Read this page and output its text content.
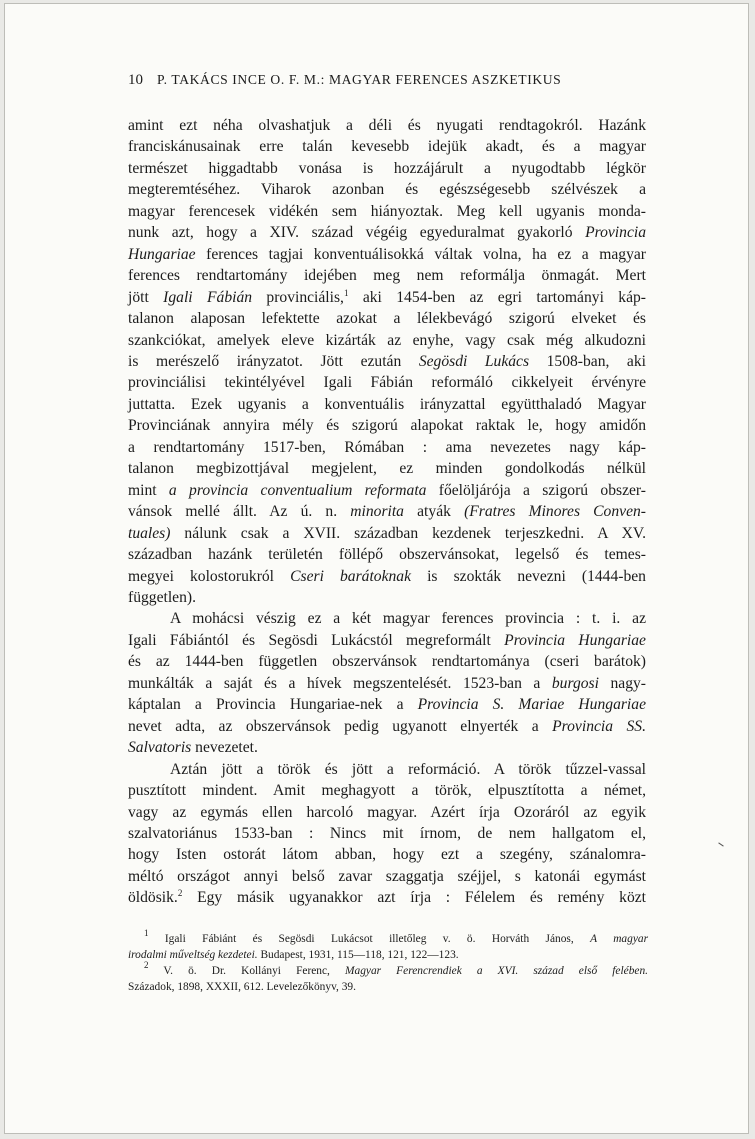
10 P. TAKÁCS INCE O. F. M.: MAGYAR FERENCES ASZKETIKUS

amint ezt néha olvashatjuk a déli és nyugati rendtagokról. Hazánk
franciskánusainak erre talán kevesebb idejük akadt, és a magyar
természet higgadtabb vonása is hozzájárult a nyugodtabb légkör
megteremtéséhez. Viharok azonban és egészségesebb szélvészek a
magyar ferencesek vidékén sem hiányoztak. Meg kell ugyanis monda-
nunk azt, hogy a XIV. század végéig egyeduralmat gyakorló Provincia
Hungariae ferences tagjai konventuálisokká váltak volna, ha ez a magyar
ferences rendtartomány idejében meg nem reformálja önmagát. Mert
jött Igali Fábián provinciális,$^1$ aki 1454-ben az egri tartományi káp-
talanon alaposan lefektette azokat a lélekbevágó szigorú elveket és
szankciókat, amelyek eleve kizárták az enyhe, vagy csak még alkudozni
is merészelő irányzatot. Jött ezután Segösdi Lukács 1508-ban, aki
provinciálisi tekintélyével Igali Fábián reformáló cikkelyeit érvényre
juttatta. Ezek ugyanis a konventuális irányzattal együtthaladó Magyar
Provinciának annyira mély és szigorú alapokat raktak le, hogy amidőn
a rendtartomány 1517-ben, Rómában : ama nevezetes nagy káp-
talanon megbizottjával megjelent, ez minden gondolkodás nélkül
mint a provincia conventualium reformata főelöljárója a szigorú obszer-
vánsok mellé állt. Az ú. n. minorita atyák (Fratres Minores Conven-
tuales) nálunk csak a XVII. században kezdenek terjeszkedni. A XV.
században hazánk területén föllépő obszervánsokat, legelső és temes-
megyei kolostorukról Cseri barátoknak is szokták nevezni (1444-ben
független).

A mohácsi vészig ez a két magyar ferences provincia : t. i. az
Igali Fábiántól és Segösdi Lukácstól megreformált Provincia Hungariae
és az 1444-ben független obszervánsok rendtartománya (cseri barátok)
munkálták a saját és a hívek megszentelését. 1523-ban a burgosi nagy-
káptalan a Provincia Hungariae-nek a Provincia S. Mariae Hungariae
nevet adta, az obszervánsok pedig ugyanott elnyerték a Provincia SS.
Salvatoris nevezetet.

Aztán jött a török és jött a reformáció. A török tűzzel-vassal
pusztított mindent. Amit meghagyott a török, elpusztította a német,
vagy az egymás ellen harcoló magyar. Azért írja Ozoráról az egyik
szalvatoriánus 1533-ban : Nincs mit írnom, de nem hallgatom el,
hogy Isten ostorát látom abban, hogy ezt a szegény, szánalomra-
méltó országot annyi belső zavar szaggatja széjjel, s katonái egymást
öldösik.$^2$ Egy másik ugyanakkor azt írja : Félelem és remény közt

$^1$ Igali Fábiánt és Segösdi Lukácsot illetőleg v. ö. Horváth János, A magyar
irodalmi műveltség kezdetei. Budapest, 1931, 115—118, 121, 122—123.
$^2$ V. ö. Dr. Kollányi Ferenc, Magyar Ferencrendiek a XVI. század első felében.
Századok, 1898, XXXII, 612. Levelezőkönyv, 39.
